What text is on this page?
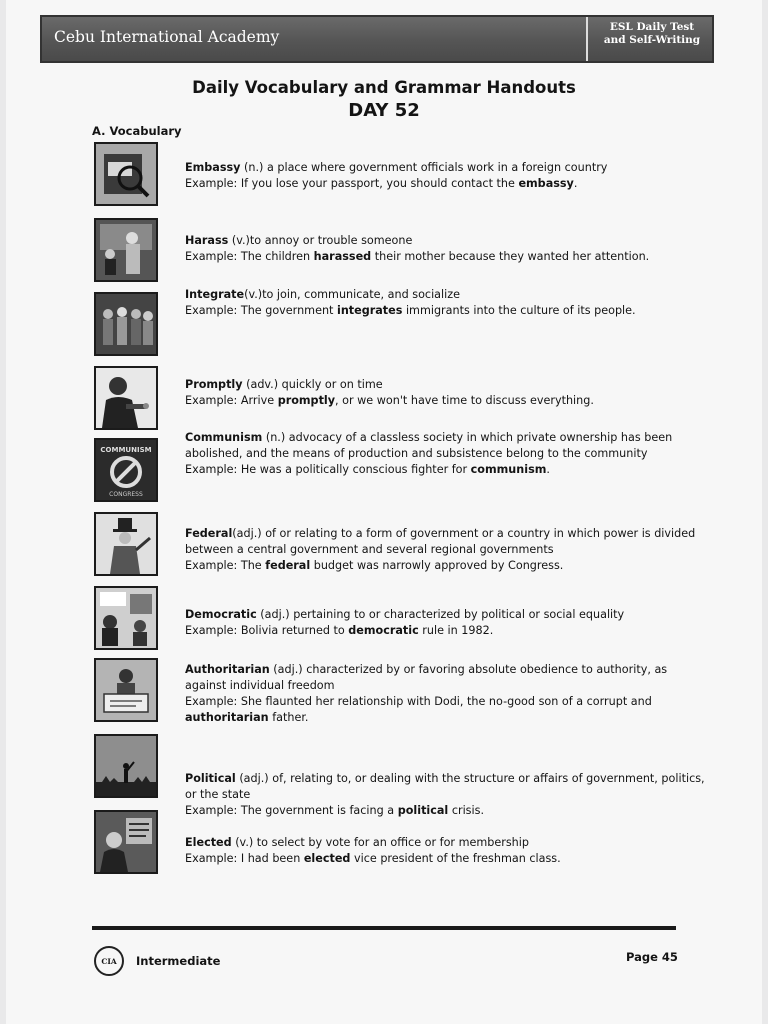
Cebu International Academy
ESL Daily Test
and Self-Writing
Daily Vocabulary and Grammar Handouts
DAY 52
A. Vocabulary
COMMUNISM
CONGRESS

Embassy (n.) a place where government officials work in a foreign country

Example: If you lose your passport, you should contact the embassy.

Harass (v.)to annoy or trouble someone

Example: The children harassed their mother because they wanted her attention.

Integrate(v.)to join, communicate, and socialize

Example: The government integrates immigrants into the culture of its people.

Promptly (adv.) quickly or on time

Example: Arrive promptly, or we won't have time to discuss everything.

Communism (n.) advocacy of a classless society in which private ownership has been abolished, and the means of production and subsistence belong to the community

Example: He was a politically conscious fighter for communism.

Federal(adj.) of or relating to a form of government or a country in which power is divided between a central government and several regional governments

Example: The federal budget was narrowly approved by Congress.

Democratic (adj.) pertaining to or characterized by political or social equality

Example: Bolivia returned to democratic rule in 1982.

Authoritarian (adj.) characterized by or favoring absolute obedience to authority, as against individual freedom

Example: She flaunted her relationship with Dodi, the no-good son of a corrupt and authoritarian father.

Political (adj.) of, relating to, or dealing with the structure or affairs of government, politics, or the state

Example: The government is facing a political crisis.

Elected (v.) to select by vote for an office or for membership

Example: I had been elected vice president of the freshman class.

CIA Intermediate	Page 45
